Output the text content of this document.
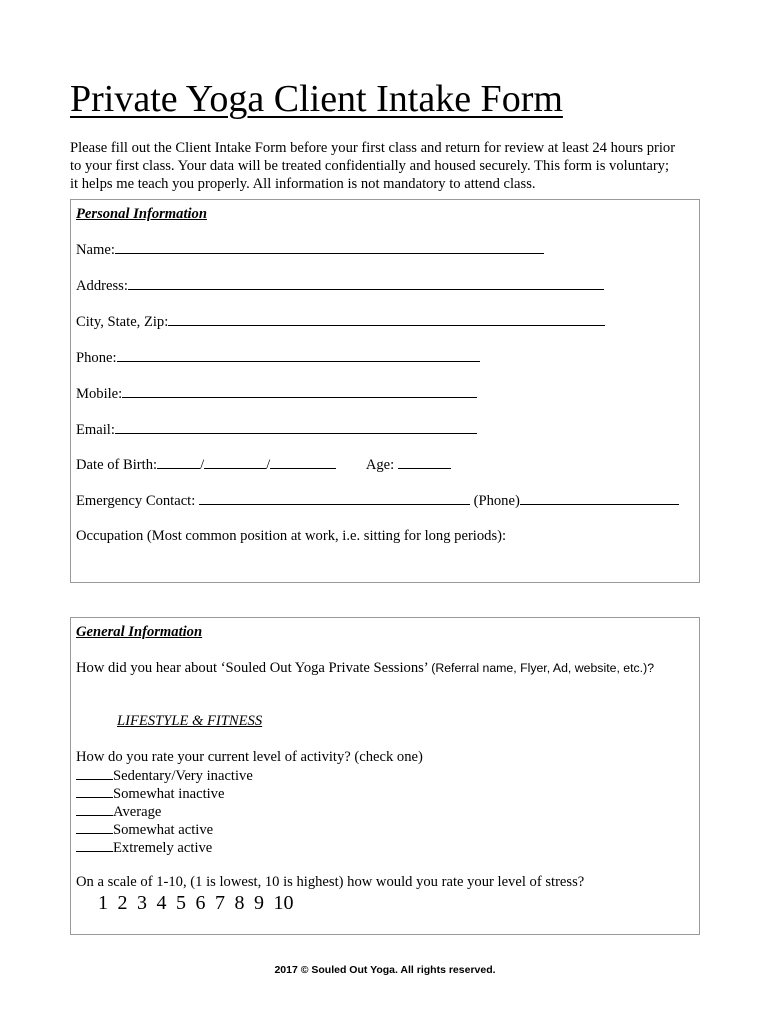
Private Yoga Client Intake Form
Please fill out the Client Intake Form before your first class and return for review at least 24 hours prior
to your first class. Your data will be treated confidentially and housed securely. This form is voluntary;
it helps me teach you properly. All information is not mandatory to attend class.
Personal Information
Name:
Address:
City, State, Zip:
Phone:
Mobile:
Email:
Date of Birth:	/	/	Age:
Emergency Contact:	(Phone)
Occupation (Most common position at work, i.e. sitting for long periods):
General Information
How did you hear about ‘Souled Out Yoga Private Sessions’ (Referral name, Flyer, Ad, website, etc.)?
LIFESTYLE & FITNESS
How do you rate your current level of activity? (check one)
Sedentary/Very inactive
Somewhat inactive
Average
Somewhat active
Extremely active
On a scale of 1-10, (1 is lowest, 10 is highest) how would you rate your level of stress?
1 2 3 4 5 6 7 8 9 10
2017 © Souled Out Yoga. All rights reserved.
